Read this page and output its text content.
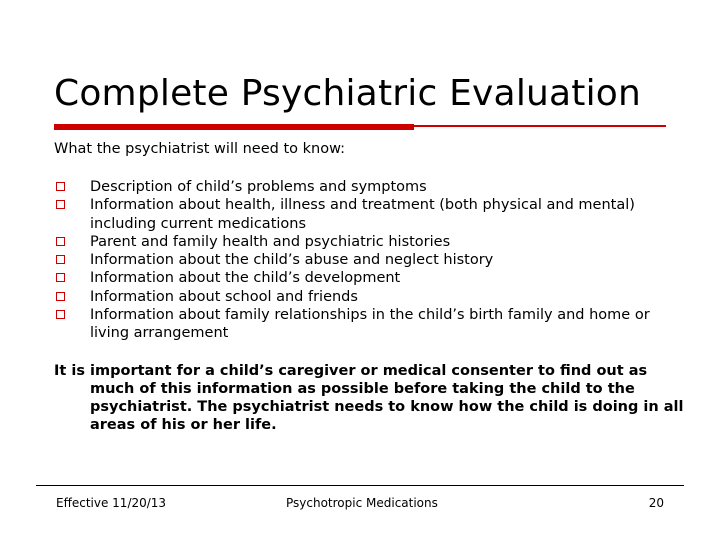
Complete Psychiatric Evaluation
What the psychiatrist will need to know:
Description of child’s problems and symptoms
Information about health, illness and treatment (both physical and mental) including current medications
Parent and family health and psychiatric histories
Information about the child’s abuse and neglect history
Information about the child’s development
Information about school and friends
Information about family relationships in the child’s birth family and home or living arrangement
It is important for a child’s caregiver or medical consenter to find out as much of this information as possible before taking the child to the psychiatrist. The psychiatrist needs to know how the child is doing in all areas of his or her life.
Effective 11/20/13	Psychotropic Medications	20
